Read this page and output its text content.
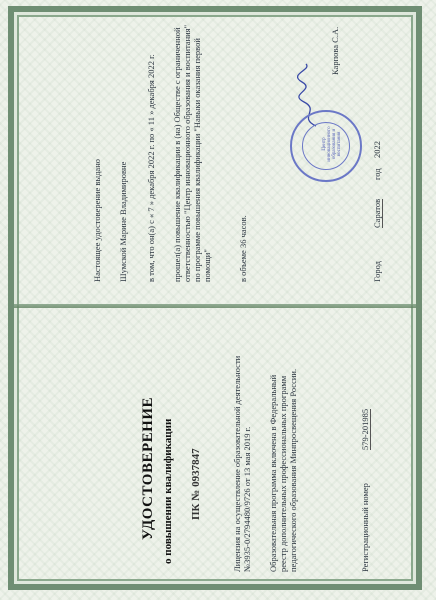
УДОСТОВЕРЕНИЕ о повышении квалификации ПК № 0937847	Лицензия на осуществление образовательной деятельности №3935-0/2794480/9726 от 13 мая 2019 г. Образовательная программа включена в Федеральный реестр дополнительных профессиональных программ педагогического образования Минпросвещения России.	Регистрационный номер
579-201985
Настоящее удостоверение выдано Шумской Марине Владимировне в том, что он(а) с « 7 » декабря 2022 г. по « 11 » декабря 2022 г. прошел(а) повышение квалификации в (на) Обществе с ограниченной ответственностью "Центр инновационного образования и воспитания" по программе повышения квалификации "Навыки оказания первой помощи"	в объеме 36 часов.
Карпова С.А.
Центр инновационного образования и воспитания
Город
Саратов
год
2022
